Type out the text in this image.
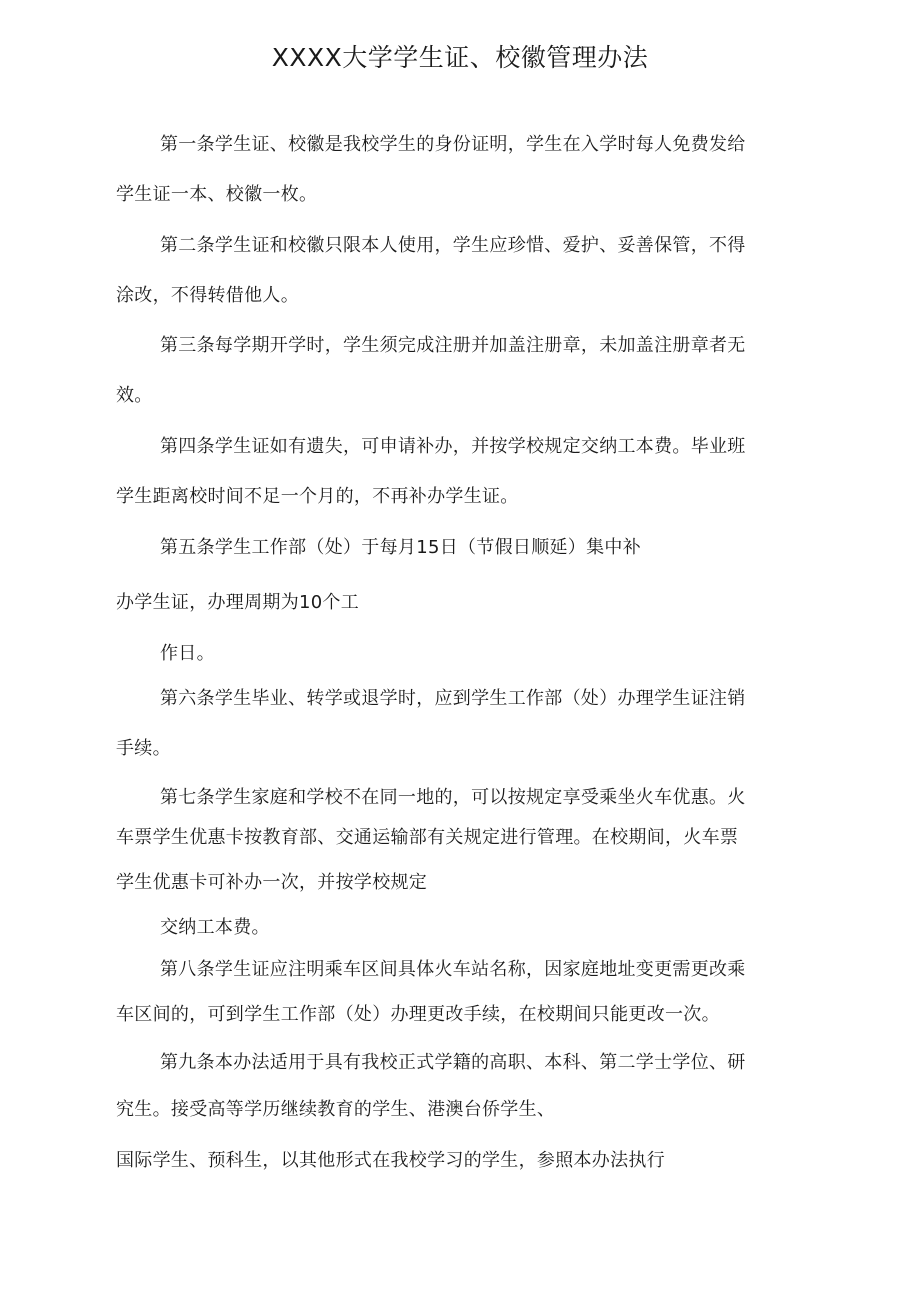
XXXX大学学生证、校徽管理办法
第一条学生证、校徽是我校学生的身份证明，学生在入学时每人免费发给
学生证一本、校徽一枚。
第二条学生证和校徽只限本人使用，学生应珍惜、爱护、妥善保管，不得
涂改，不得转借他人。
第三条每学期开学时，学生须完成注册并加盖注册章，未加盖注册章者无
效。
第四条学生证如有遗失，可申请补办，并按学校规定交纳工本费。毕业班
学生距离校时间不足一个月的，不再补办学生证。
第五条学生工作部（处）于每月15日（节假日顺延）集中补
办学生证，办理周期为10个工
作日。
第六条学生毕业、转学或退学时，应到学生工作部（处）办理学生证注销
手续。
第七条学生家庭和学校不在同一地的，可以按规定享受乘坐火车优惠。火
车票学生优惠卡按教育部、交通运输部有关规定进行管理。在校期间，火车票
学生优惠卡可补办一次，并按学校规定
交纳工本费。
第八条学生证应注明乘车区间具体火车站名称，因家庭地址变更需更改乘
车区间的，可到学生工作部（处）办理更改手续，在校期间只能更改一次。
第九条本办法适用于具有我校正式学籍的高职、本科、第二学士学位、研
究生。接受高等学历继续教育的学生、港澳台侨学生、
国际学生、预科生，以其他形式在我校学习的学生，参照本办法执行
